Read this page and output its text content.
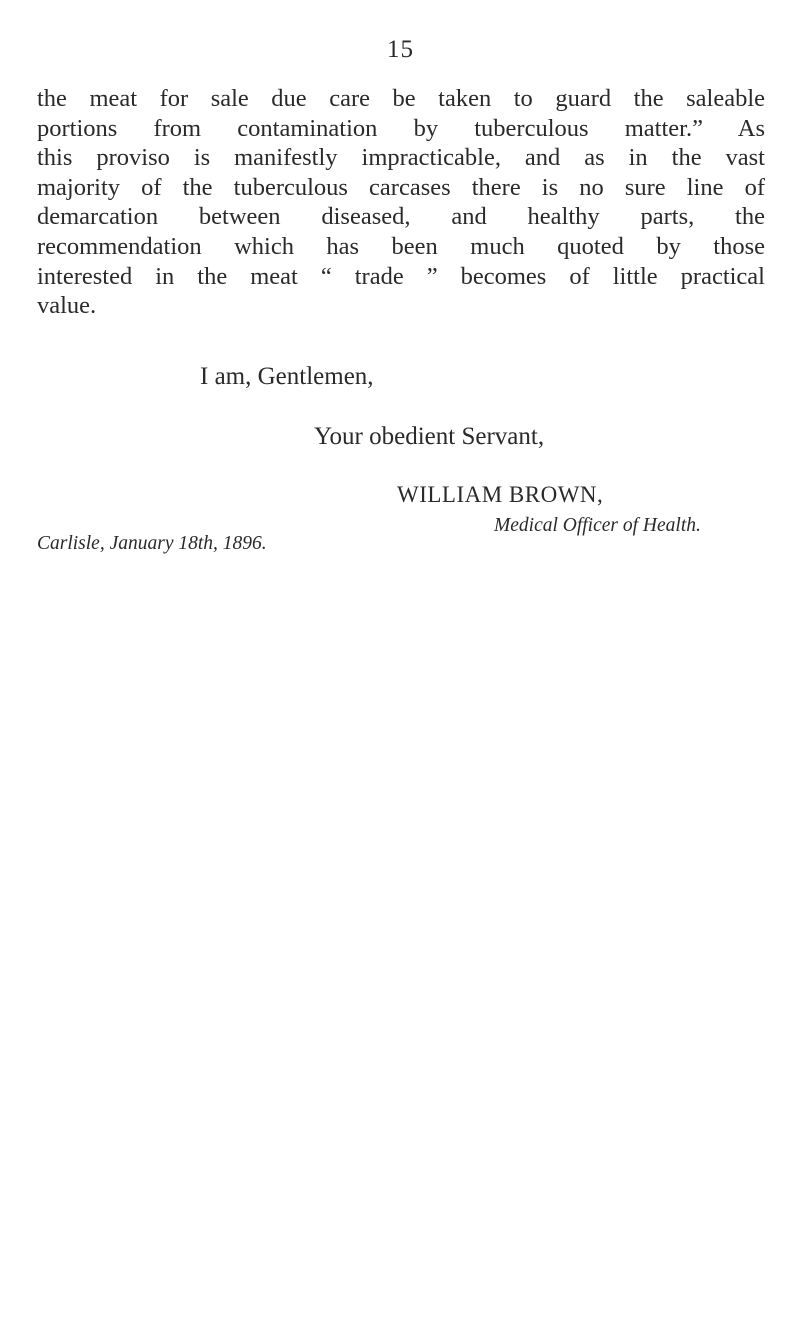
15
the meat for sale due care be taken to guard the saleable
portions from contamination by tuberculous matter.” As
this proviso is manifestly impracticable, and as in the vast
majority of the tuberculous carcases there is no sure line of
demarcation between diseased, and healthy parts, the
recommendation which has been much quoted by those
interested in the meat “ trade ” becomes of little practical
value.
I am, Gentlemen,
Your obedient Servant,
WILLIAM BROWN,
Medical Officer of Health.
Carlisle, January 18th, 1896.
